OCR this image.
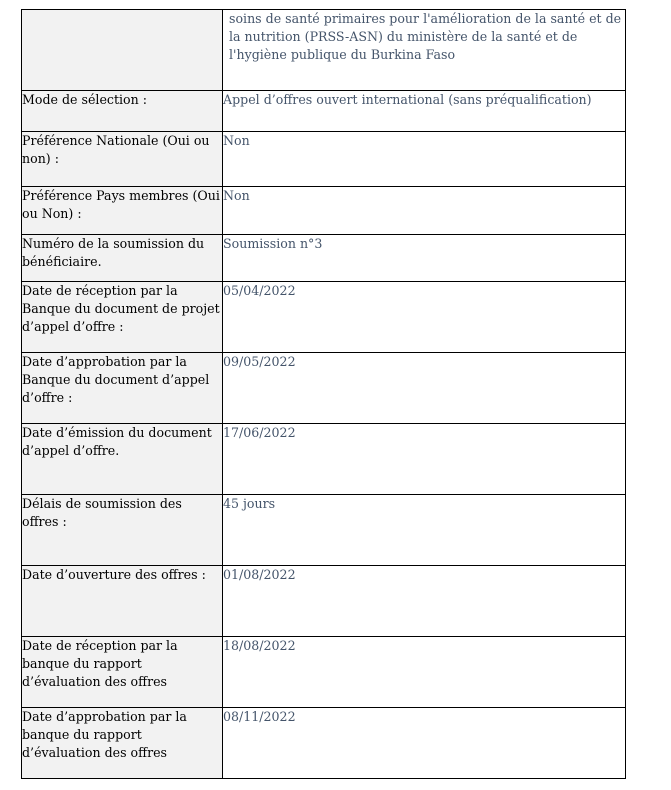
	soins de santé primaires pour l'amélioration de la santé et de la nutrition (PRSS-ASN) du ministère de la santé et de l'hygiène publique du Burkina Faso

Mode de sélection :	Appel d’offres ouvert international (sans préqualification)

Préférence Nationale (Oui ou non) :	Non

Préférence Pays membres (Oui ou Non) :	Non

Numéro de la soumission du bénéficiaire.	Soumission n°3

Date de réception par la Banque du document de projet d’appel d’offre :	05/04/2022

Date d’approbation par la Banque du document d’appel d’offre :	09/05/2022

Date d’émission du document d’appel d’offre.	17/06/2022

Délais de soumission des offres :	45 jours

Date d’ouverture des offres :	01/08/2022

Date de réception par la banque du rapport d’évaluation des offres	18/08/2022

Date d’approbation par la banque du rapport d’évaluation des offres	08/11/2022
